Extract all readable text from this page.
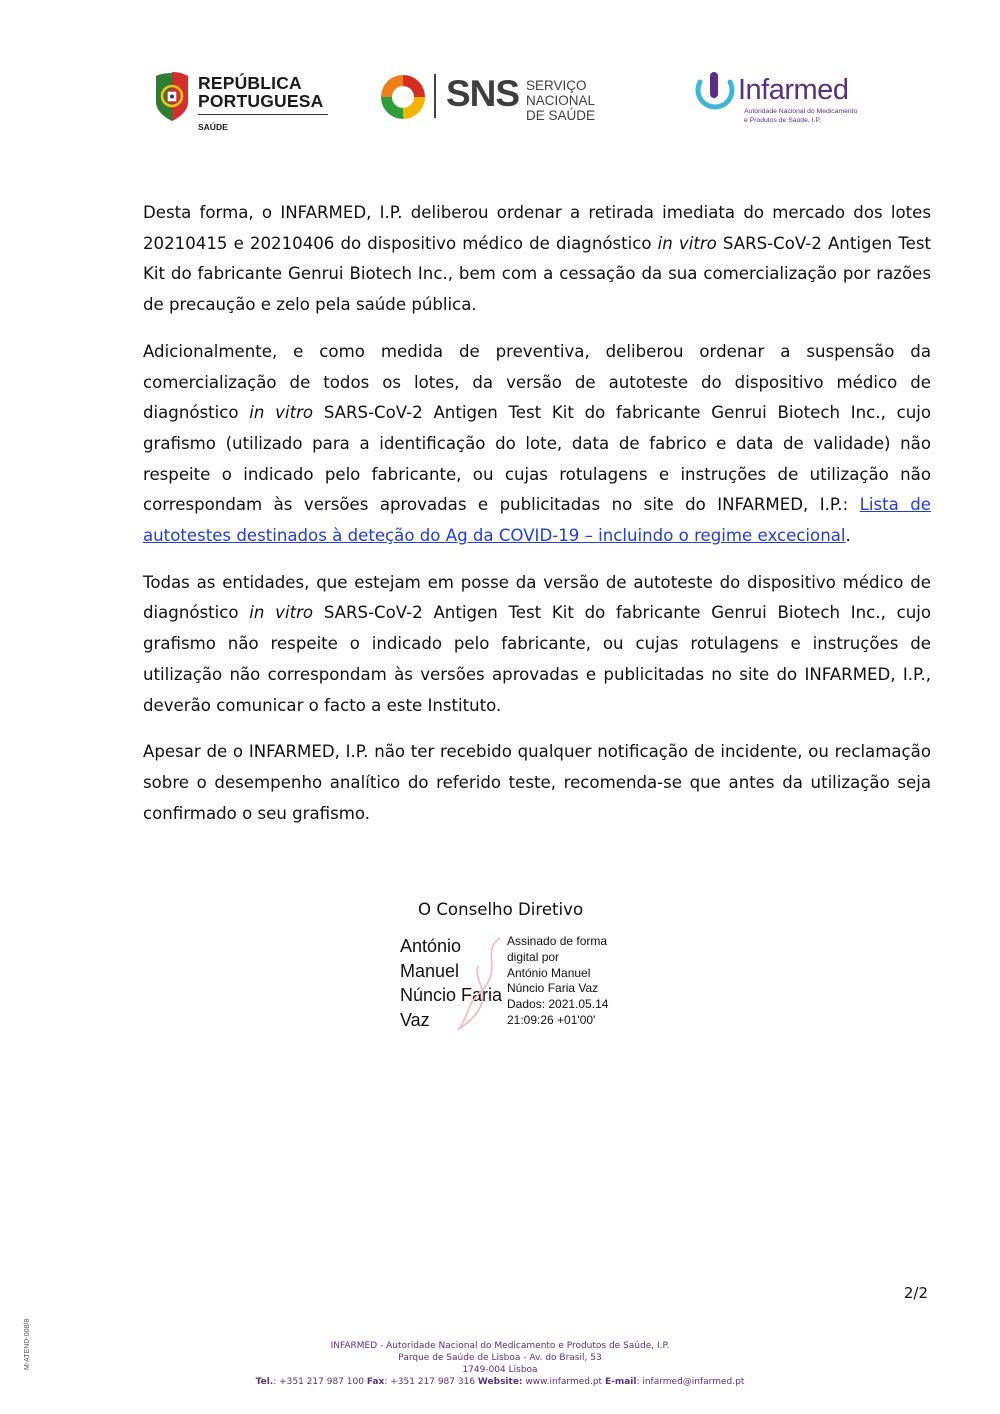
REPÚBLICA
PORTUGUESA
SAÚDE
SNS SERVIÇO NACIONAL
DE SAÚDE
Infarmed
Autoridade Nacional do Medicamento
e Produtos de Saúde, I.P.

Desta forma, o INFARMED, I.P. deliberou ordenar a retirada imediata do mercado dos lotes 20210415 e 20210406 do dispositivo médico de diagnóstico in vitro SARS-CoV-2 Antigen Test Kit do fabricante Genrui Biotech Inc., bem com a cessação da sua comercialização por razões de precaução e zelo pela saúde pública.

Adicionalmente, e como medida de preventiva, deliberou ordenar a suspensão da comercialização de todos os lotes, da versão de autoteste do dispositivo médico de diagnóstico in vitro SARS-CoV-2 Antigen Test Kit do fabricante Genrui Biotech Inc., cujo grafismo (utilizado para a identificação do lote, data de fabrico e data de validade) não respeite o indicado pelo fabricante, ou cujas rotulagens e instruções de utilização não correspondam às versões aprovadas e publicitadas no site do INFARMED, I.P.: Lista de autotestes destinados à deteção do Ag da COVID-19 – incluindo o regime excecional.

Todas as entidades, que estejam em posse da versão de autoteste do dispositivo médico de diagnóstico in vitro SARS-CoV-2 Antigen Test Kit do fabricante Genrui Biotech Inc., cujo grafismo não respeite o indicado pelo fabricante, ou cujas rotulagens e instruções de utilização não correspondam às versões aprovadas e publicitadas no site do INFARMED, I.P., deverão comunicar o facto a este Instituto.

Apesar de o INFARMED, I.P. não ter recebido qualquer notificação de incidente, ou reclamação sobre o desempenho analítico do referido teste, recomenda-se que antes da utilização seja confirmado o seu grafismo.

O Conselho Diretivo
António
Manuel
Núncio Faria
Vaz
Assinado de forma
digital por
António Manuel
Núncio Faria Vaz
Dados: 2021.05.14
21:09:26 +01'00'
2/2
M-ATEND-008/8	INFARMED - Autoridade Nacional do Medicamento e Produtos de Saúde, I.P.
Parque de Saúde de Lisboa - Av. do Brasil, 53
1749-004 Lisboa
Tel.: +351 217 987 100 Fax: +351 217 987 316 Website: www.infarmed.pt E-mail: infarmed@infarmed.pt
